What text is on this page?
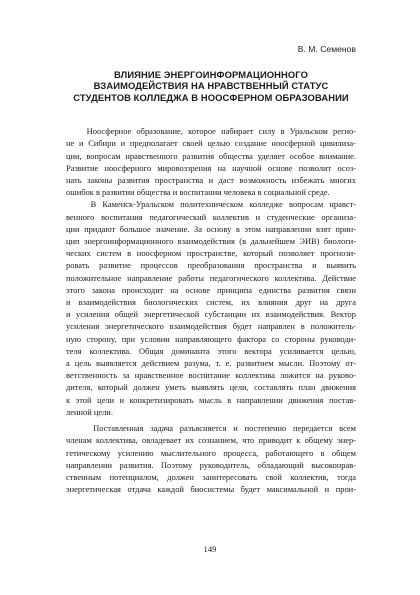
В. М. Семенов
ВЛИЯНИЕ ЭНЕРГОИНФОРМАЦИОННОГО
ВЗАИМОДЕЙСТВИЯ НА НРАВСТВЕННЫЙ СТАТУС
СТУДЕНТОВ КОЛЛЕДЖА В НООСФЕРНОМ ОБРАЗОВАНИИ
Ноосферное образование, которое набирает силу в Уральском регио-
не и Сибири и предполагает своей целью создание ноосферной цивилиза-
ции, вопросам нравственного развития общества уделяет особое внимание.
Развитие ноосферного мировоззрения на научной основе позволит осоз-
нать законы развития пространства и даст возможность избежать многих
ошибок в развитии общества и воспитании человека в социальной среде.
В Каменск-Уральском политехническом колледже вопросам нравст-
венного воспитания педагогический коллектив и студенческие организа-
ции придают большое значение. За основу в этом направлении взят прин-
цип энергоинформационного взаимодействия (в дальнейшем ЭИВ) биологи-
ческих систем в ноосферном пространстве, который позволяет прогнози-
ровать развитие процессов преобразования пространства и выявить
положительное направление работы педагогического коллектива. Действие
этого закона происходит на основе принципа единства развития связи
и взаимодействия биологических систем, их влияния друг на друга
и усиления общей энергетической субстанции их взаимодействия. Вектор
усиления энергетического взаимодействия будет направлен в положитель-
ную сторону, при условии направляющего фактора со стороны руководи-
теля коллектива. Общая доминанта этого вектора усиливается целью,
а цель выявляется действием разума, т. е. развитием мысли. Поэтому от-
ветственность за нравственное воспитание коллектива ложится на руково-
дителя, который должен уметь выявлять цели, составлять план движения
к этой цели и конкретизировать мысль в направлении движения постав-
ленной цели.
Поставленная задача разъясняется и постепенно передается всем
членам коллектива, овладевает их сознанием, что приводит к общему энер-
гетическому усилению мыслительного процесса, работающего в общем
направлении развития. Поэтому руководитель, обладающий высоконрав-
ственным потенциалом, должен заинтересовать свой коллектив, тогда
энергетическая отдача каждой биосистемы будет максимальной и прои-
149
